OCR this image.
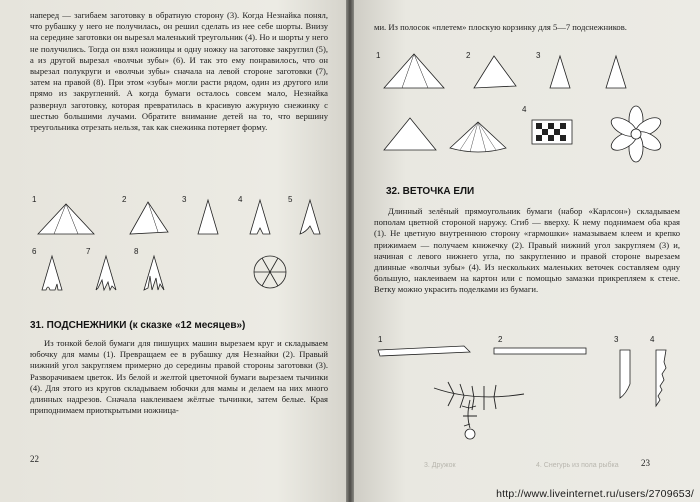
наперед — загибаем заготовку в обратную сторону (3). Когда Незнайка понял, что рубашку у него не получилась, он решил сделать из нее себе шорты. Внизу на середине заготовки он вырезал маленький треугольник (4). Но и шорты у него не получились. Тогда он взял ножницы и одну ножку на заготовке закруглил (5), а из другой вырезал «волчьи зубы» (6). И так это ему понравилось, что он вырезал полукруги и «волчьи зубы» сначала на левой стороне заготовки (7), затем на правой (8). При этом «зубы» могли расти рядом, один из другого или прямо из закруглений. А когда бумаги осталось совсем мало, Незнайка развернул заготовку, которая превратилась в красивую ажурную снежинку с шестью большими лучами. Обратите внимание детей на то, что вершину треугольника отрезать нельзя, так как снежинка потеряет форму.

1	2	3	4	5
6	7	8
31. ПОДСНЕЖНИКИ (к сказке «12 месяцев»)

Из тонкой белой бумаги для пишущих машин вырезаем круг и складываем юбочку для мамы (1). Превращаем ее в рубашку для Незнайки (2). Правый нижний угол закругляем примерно до середины правой стороны заготовки (3). Разворачиваем цветок. Из белой и желтой цветочной бумаги вырезаем тычинки (4). Для этого из кругов складываем юбочки для мамы и делаем на них много длинных надрезов. Сначала наклеиваем жёлтые тычинки, затем белые. Края приподнимаем приоткрытыми ножница-

22

ми. Из полосок «плетем» плоскую корзинку для 5—7 подснежников.

1	2	3
4
32. ВЕТОЧКА ЕЛИ

Длинный зелёный прямоугольник бумаги (набор «Карлсон») складываем пополам цветной стороной наружу. Сгиб — вверху. К нему поднимаем оба края (1). Не цветную внутреннюю сторону «гармошки» намазываем клеем и крепко прижимаем — получаем книжечку (2). Правый нижний угол закругляем (3) и, начиная с левого нижнего угла, по закруглению и правой стороне вырезаем длинные «волчьи зубы» (4). Из нескольких маленьких веточек составляем одну большую, наклеиваем на картон или с помощью замазки прикрепляем к стене. Ветку можно украсить поделками из бумаги.

1	2	3	4
3. Дружок	4. Снегурь из пола рыбка 23
http://www.liveinternet.ru/users/2709653/
